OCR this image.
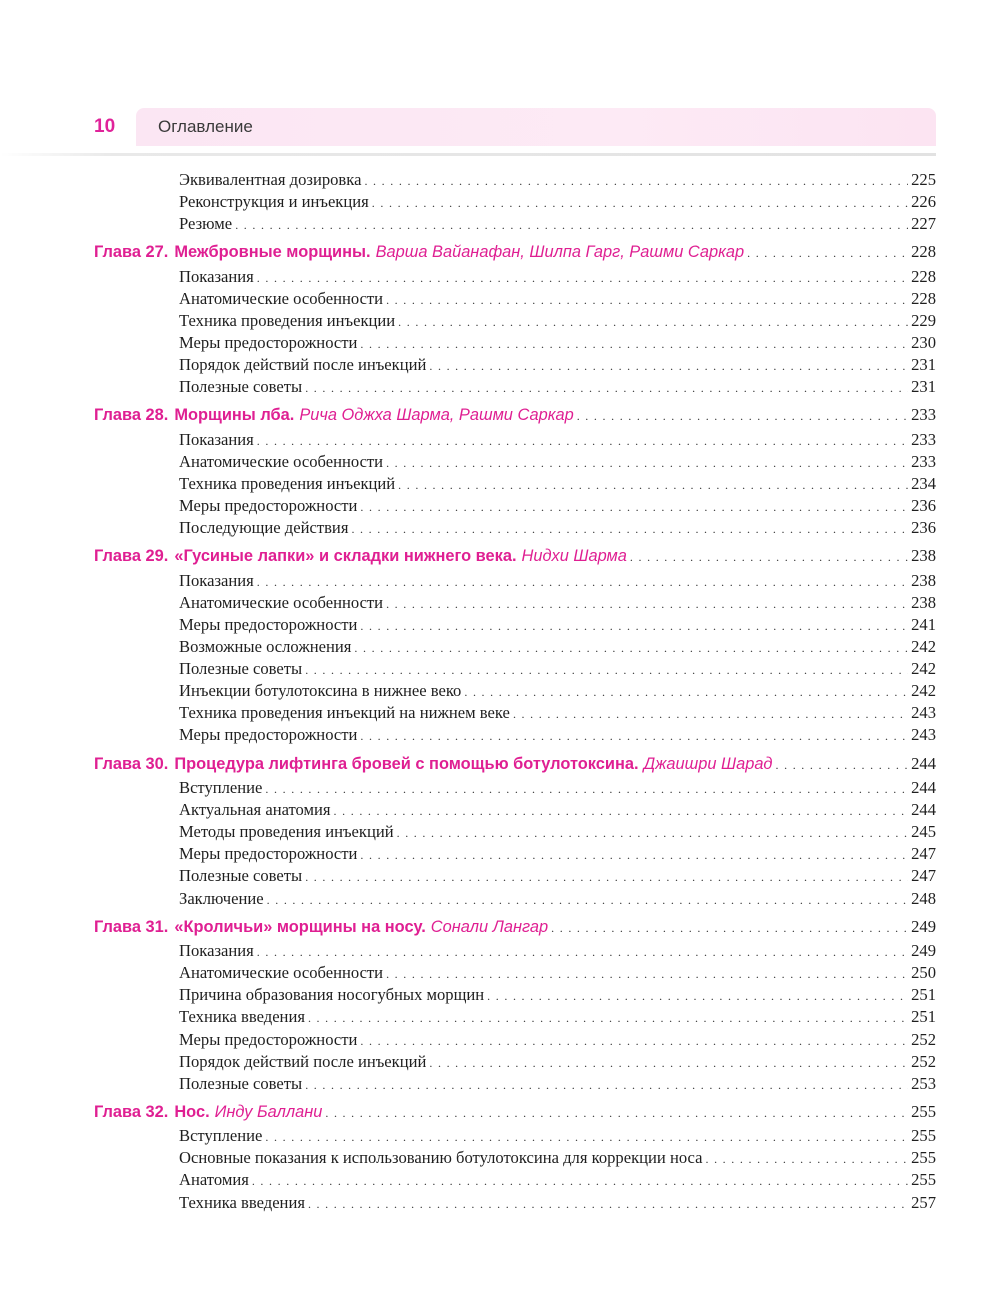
10	Оглавление
Эквивалентная дозировка . . .	225
Реконструкция и инъекция . . .	226
Резюме . . .	227
Глава 27. Межбровные морщины. Варша Вайанафан, Шилпа Гарг, Рашми Саркар . . .	228
Показания . . .	228
Анатомические особенности . . .	228
Техника проведения инъекции . . .	229
Меры предосторожности . . .	230
Порядок действий после инъекций . . .	231
Полезные советы . . .	231
Глава 28. Морщины лба. Рича Оджха Шарма, Рашми Саркар . . .	233
Показания . . .	233
Анатомические особенности . . .	233
Техника проведения инъекций . . .	234
Меры предосторожности . . .	236
Последующие действия . . .	236
Глава 29. «Гусиные лапки» и складки нижнего века. Нидхи Шарма . . .	238
Показания . . .	238
Анатомические особенности . . .	238
Меры предосторожности . . .	241
Возможные осложнения . . .	242
Полезные советы . . .	242
Инъекции ботулотоксина в нижнее веко . . .	242
Техника проведения инъекций на нижнем веке . . .	243
Меры предосторожности . . .	243
Глава 30. Процедура лифтинга бровей с помощью ботулотоксина. Джаишри Шарад . . .	244
Вступление . . .	244
Актуальная анатомия . . .	244
Методы проведения инъекций . . .	245
Меры предосторожности . . .	247
Полезные советы . . .	247
Заключение . . .	248
Глава 31. «Кроличьи» морщины на носу. Сонали Лангар . . .	249
Показания . . .	249
Анатомические особенности . . .	250
Причина образования носогубных морщин . . .	251
Техника введения . . .	251
Меры предосторожности . . .	252
Порядок действий после инъекций . . .	252
Полезные советы . . .	253
Глава 32. Нос. Инду Баллани . . .	255
Вступление . . .	255
Основные показания к использованию ботулотоксина для коррекции носа . . .	255
Анатомия . . .	255
Техника введения . . .	257
